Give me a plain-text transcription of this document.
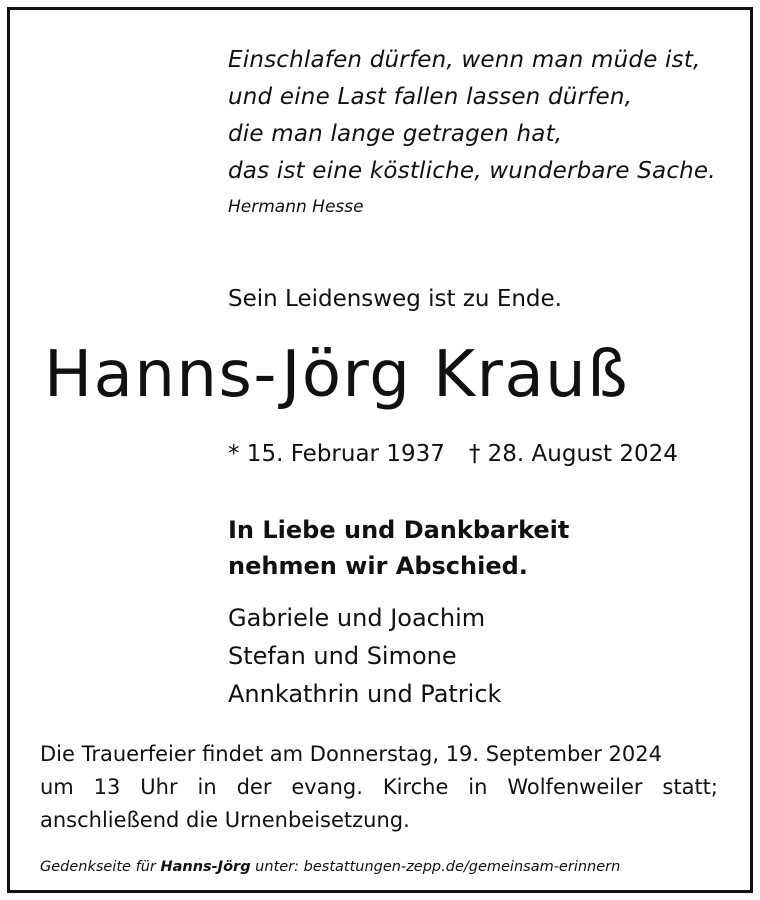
Einschlafen dürfen, wenn man müde ist,
und eine Last fallen lassen dürfen,
die man lange getragen hat,
das ist eine köstliche, wunderbare Sache.
Hermann Hesse
Sein Leidensweg ist zu Ende.
Hanns-Jörg Krauß
* 15. Februar 1937 † 28. August 2024
In Liebe und Dankbarkeit
nehmen wir Abschied.
Gabriele und Joachim
Stefan und Simone
Annkathrin und Patrick
Die Trauerfeier findet am Donnerstag, 19. September 2024
um 13 Uhr in der evang. Kirche in Wolfenweiler statt;
anschließend die Urnenbeisetzung.
Gedenkseite für Hanns-Jörg unter: bestattungen-zepp.de/gemeinsam-erinnern
